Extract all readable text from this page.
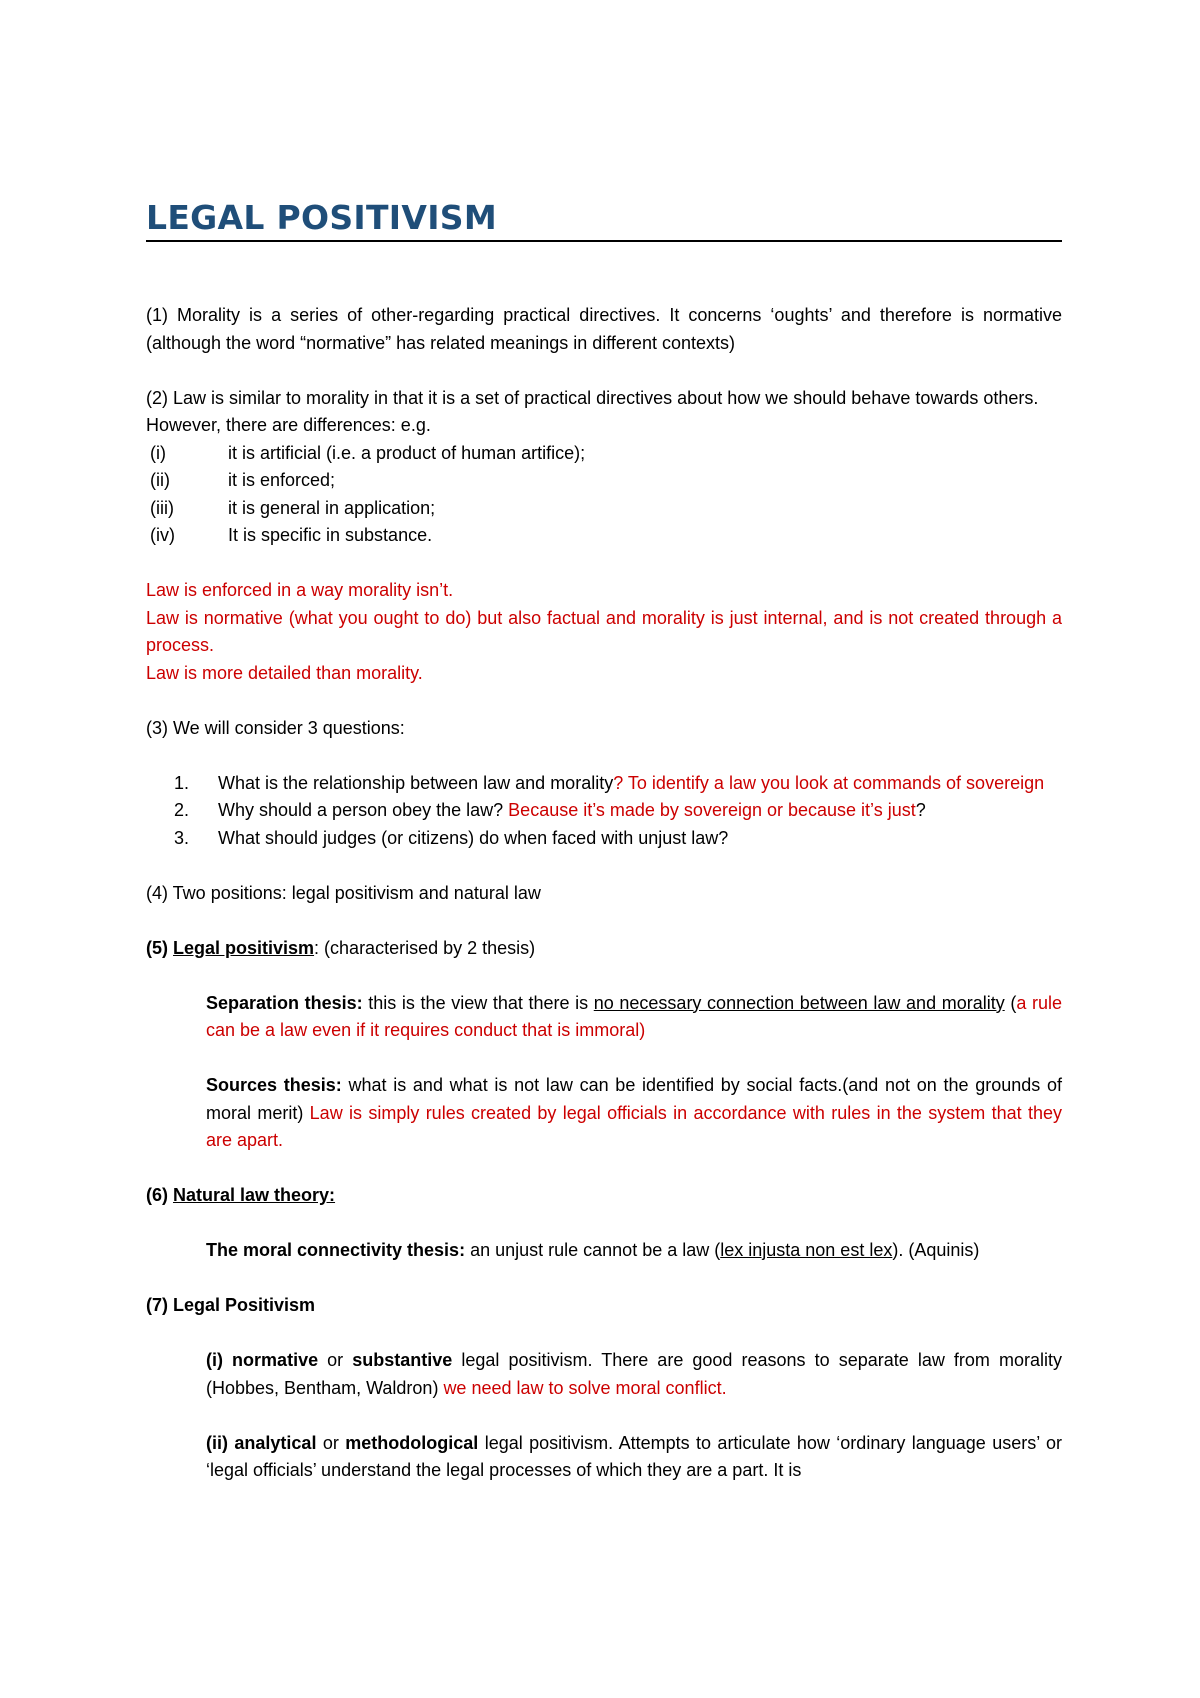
LEGAL POSITIVISM

(1) Morality is a series of other-regarding practical directives. It concerns ‘oughts’ and therefore is normative (although the word “normative” has related meanings in different contexts)

(2) Law is similar to morality in that it is a set of practical directives about how we should behave towards others.

However, there are differences: e.g.

(i)	it is artificial (i.e. a product of human artifice);
(ii)	it is enforced;
(iii)	it is general in application;
(iv)	It is specific in substance.

Law is enforced in a way morality isn’t.

Law is normative (what you ought to do) but also factual and morality is just internal, and is not created through a process.

Law is more detailed than morality.

(3) We will consider 3 questions:

1.	What is the relationship between law and morality? To identify a law you look at commands of sovereign
2.	Why should a person obey the law? Because it’s made by sovereign or because it’s just?
3.	What should judges (or citizens) do when faced with unjust law?

(4) Two positions: legal positivism and natural law

(5) Legal positivism: (characterised by 2 thesis)

Separation thesis: this is the view that there is no necessary connection between law and morality (a rule can be a law even if it requires conduct that is immoral)

Sources thesis: what is and what is not law can be identified by social facts.(and not on the grounds of moral merit) Law is simply rules created by legal officials in accordance with rules in the system that they are apart.

(6) Natural law theory:

The moral connectivity thesis: an unjust rule cannot be a law (lex injusta non est lex). (Aquinis)

(7) Legal Positivism

(i) normative or substantive legal positivism. There are good reasons to separate law from morality (Hobbes, Bentham, Waldron) we need law to solve moral conflict.

(ii) analytical or methodological legal positivism. Attempts to articulate how ‘ordinary language users’ or ‘legal officials’ understand the legal processes of which they are a part. It is
